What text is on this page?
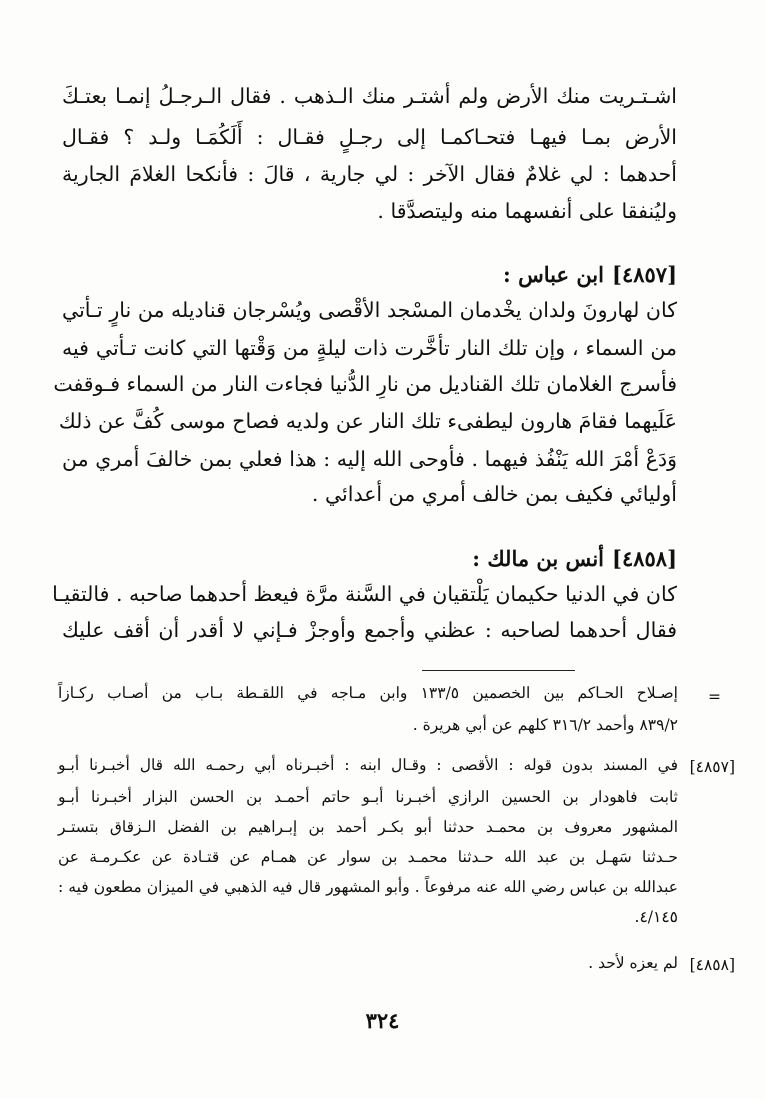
اشـتـريت منك الأرض ولم أشتـر منك الـذهب . فقال الـرجـلُ إنمـا بعتـكَ
الأرض بمـا فيهـا فتحـاكمـا إلى رجـلٍ فقـال : أَلَكُمَـا ولـد ؟ فقـال
أحدهما : لي غلامٌ فقال الآخر : لي جارية ، قالَ : فأنكحا الغلامَ الجارية
وليُنفقا على أنفسهما منه وليتصدَّقا .
[٤٨٥٧]ابن عباس :
كان لهارونَ ولدان يخْدمان المسْجد الأقْصى ويُسْرجان قناديله من نارٍ تـأتي
من السماء ، وإن تلك النار تأخَّرت ذات ليلةٍ من وَقْتها التي كانت تـأتي فيه
فأسرج الغلامان تلك القناديل من نارِ الدُّنيا فجاءت النار من السماء فـوقفت
عَلَيهما فقامَ هارون ليطفىء تلك النار عن ولديه فصاح موسى كُفَّ عن ذلك
وَدَعْ أمْرَ الله يَنْفُذ فيهما . فأوحى الله إليه : هذا فعلي بمن خالفَ أمري من
أوليائي فكيف بمن خالف أمري من أعدائي .
[٤٨٥٨]أنس بن مالك :
كان في الدنيا حكيمان يَلْتقيان في السَّنة مرَّة فيعظ أحدهما صاحبه . فالتقيـا
فقال أحدهما لصاحبه : عظني وأجمع وأوجزْ فـإني لا أقدر أن أقف عليك
=
إصـلاح الحـاكم بين الخصمين ١٣٣/٥ وابن مـاجه في اللقـطة بـاب من أصـاب ركـازاً
٨٣٩/٢ وأحمد ٣١٦/٢ كلهم عن أبي هريرة .
[٤٨٥٧]
في المسند بدون قوله : الأقصى : وقـال ابنه : أخبـرناه أبي رحمـه الله قال أخبـرنا أبـو
ثابت فاهودار بن الحسين الرازي أخبـرنا أبـو حاتم أحمـد بن الحسن البزار أخبـرنا أبـو
المشهور معروف بن محمـد حدثنا أبو بكـر أحمد بن إبـراهيم بن الفضل الـزقاق بتستـر
حـدثنا سَهـل بن عبد الله حـدثنا محمـد بن سوار عن همـام عن قتـادة عن عكـرمـة عن
عبدالله بن عباس رضي الله عنه مرفوعاً . وأبو المشهور قال فيه الذهبي في الميزان مطعون فيه :
٤/١٤٥.
[٤٨٥٨]
لم يعزه لأحد .
٣٢٤
